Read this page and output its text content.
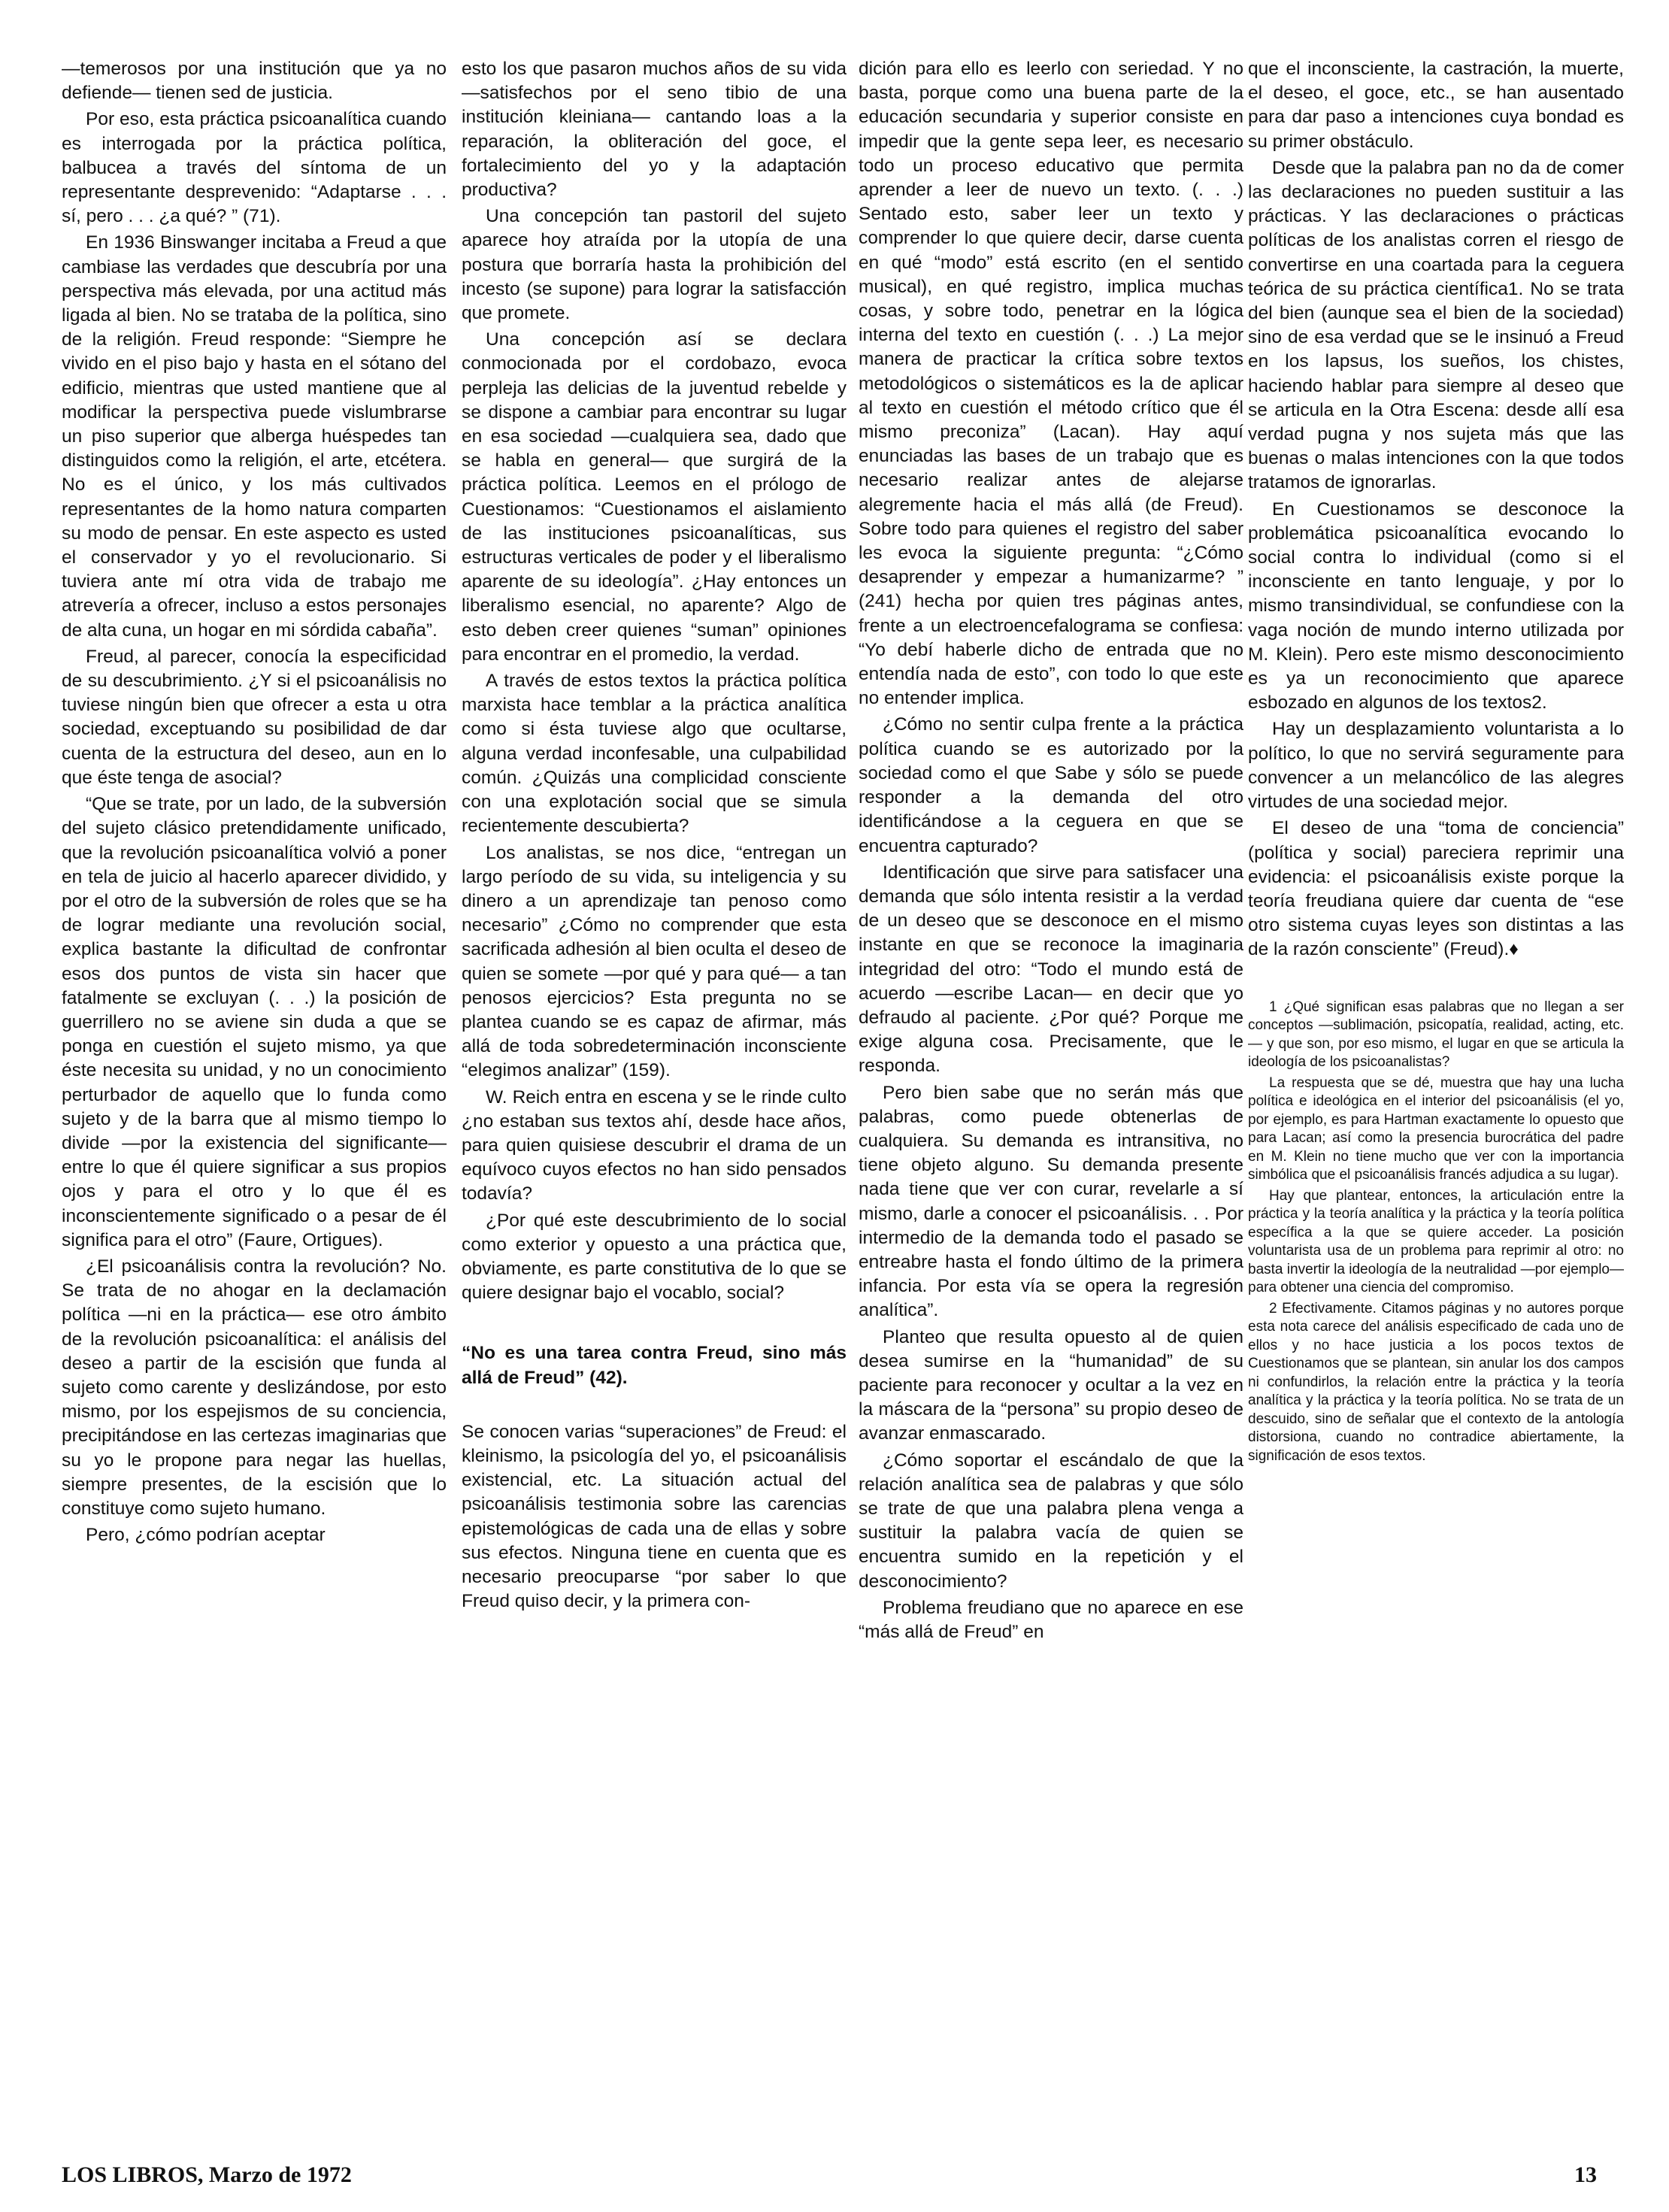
—temerosos por una institución que ya no defiende— tienen sed de justicia.

Por eso, esta práctica psicoanalítica cuando es interrogada por la práctica política, balbucea a través del síntoma de un representante desprevenido: “Adaptarse . . . sí, pero . . . ¿a qué? ” (71).

En 1936 Binswanger incitaba a Freud a que cambiase las verdades que descubría por una perspectiva más elevada, por una actitud más ligada al bien. No se trataba de la política, sino de la religión. Freud responde: “Siempre he vivido en el piso bajo y hasta en el sótano del edificio, mientras que usted mantiene que al modificar la perspectiva puede vislumbrarse un piso superior que alberga huéspedes tan distinguidos como la religión, el arte, etcétera. No es el único, y los más cultivados representantes de la homo natura comparten su modo de pensar. En este aspecto es usted el conservador y yo el revolucionario. Si tuviera ante mí otra vida de trabajo me atrevería a ofrecer, incluso a estos personajes de alta cuna, un hogar en mi sórdida cabaña”.

Freud, al parecer, conocía la especificidad de su descubrimiento. ¿Y si el psicoanálisis no tuviese ningún bien que ofrecer a esta u otra sociedad, exceptuando su posibilidad de dar cuenta de la estructura del deseo, aun en lo que éste tenga de asocial?

“Que se trate, por un lado, de la subversión del sujeto clásico pretendidamente unificado, que la revolución psicoanalítica volvió a poner en tela de juicio al hacerlo aparecer dividido, y por el otro de la subversión de roles que se ha de lograr mediante una revolución social, explica bastante la dificultad de confrontar esos dos puntos de vista sin hacer que fatalmente se excluyan (. . .) la posición de guerrillero no se aviene sin duda a que se ponga en cuestión el sujeto mismo, ya que éste necesita su unidad, y no un conocimiento perturbador de aquello que lo funda como sujeto y de la barra que al mismo tiempo lo divide —por la existencia del significante— entre lo que él quiere significar a sus propios ojos y para el otro y lo que él es inconscientemente significado o a pesar de él significa para el otro” (Faure, Ortigues).

¿El psicoanálisis contra la revolución? No. Se trata de no ahogar en la declamación política —ni en la práctica— ese otro ámbito de la revolución psicoanalítica: el análisis del deseo a partir de la escisión que funda al sujeto como carente y deslizándose, por esto mismo, por los espejismos de su conciencia, precipitándose en las certezas imaginarias que su yo le propone para negar las huellas, siempre presentes, de la escisión que lo constituye como sujeto humano.

Pero, ¿cómo podrían aceptar

esto los que pasaron muchos años de su vida —satisfechos por el seno tibio de una institución kleiniana— cantando loas a la reparación, la obliteración del goce, el fortalecimiento del yo y la adaptación productiva?

Una concepción tan pastoril del sujeto aparece hoy atraída por la utopía de una postura que borraría hasta la prohibición del incesto (se supone) para lograr la satisfacción que promete.

Una concepción así se declara conmocionada por el cordobazo, evoca perpleja las delicias de la juventud rebelde y se dispone a cambiar para encontrar su lugar en esa sociedad —cualquiera sea, dado que se habla en general— que surgirá de la práctica política. Leemos en el prólogo de Cuestionamos: “Cuestionamos el aislamiento de las instituciones psicoanalíticas, sus estructuras verticales de poder y el liberalismo aparente de su ideología”. ¿Hay entonces un liberalismo esencial, no aparente? Algo de esto deben creer quienes “suman” opiniones para encontrar en el promedio, la verdad.

A través de estos textos la práctica política marxista hace temblar a la práctica analítica como si ésta tuviese algo que ocultarse, alguna verdad inconfesable, una culpabilidad común. ¿Quizás una complicidad consciente con una explotación social que se simula recientemente descubierta?

Los analistas, se nos dice, “entregan un largo período de su vida, su inteligencia y su dinero a un aprendizaje tan penoso como necesario” ¿Cómo no comprender que esta sacrificada adhesión al bien oculta el deseo de quien se somete —por qué y para qué— a tan penosos ejercicios? Esta pregunta no se plantea cuando se es capaz de afirmar, más allá de toda sobredeterminación inconsciente “elegimos analizar” (159).

W. Reich entra en escena y se le rinde culto ¿no estaban sus textos ahí, desde hace años, para quien quisiese descubrir el drama de un equívoco cuyos efectos no han sido pensados todavía?

¿Por qué este descubrimiento de lo social como exterior y opuesto a una práctica que, obviamente, es parte constitutiva de lo que se quiere designar bajo el vocablo, social?

“No es una tarea contra Freud, sino más allá de Freud” (42).

Se conocen varias “superaciones” de Freud: el kleinismo, la psicología del yo, el psicoanálisis existencial, etc. La situación actual del psicoanálisis testimonia sobre las carencias epistemológicas de cada una de ellas y sobre sus efectos. Ninguna tiene en cuenta que es necesario preocuparse “por saber lo que Freud quiso decir, y la primera con-

dición para ello es leerlo con seriedad. Y no basta, porque como una buena parte de la educación secundaria y superior consiste en impedir que la gente sepa leer, es necesario todo un proceso educativo que permita aprender a leer de nuevo un texto. (. . .) Sentado esto, saber leer un texto y comprender lo que quiere decir, darse cuenta en qué “modo” está escrito (en el sentido musical), en qué registro, implica muchas cosas, y sobre todo, penetrar en la lógica interna del texto en cuestión (. . .) La mejor manera de practicar la crítica sobre textos metodológicos o sistemáticos es la de aplicar al texto en cuestión el método crítico que él mismo preconiza” (Lacan). Hay aquí enunciadas las bases de un trabajo que es necesario realizar antes de alejarse alegremente hacia el más allá (de Freud). Sobre todo para quienes el registro del saber les evoca la siguiente pregunta: “¿Cómo desaprender y empezar a humanizarme? ” (241) hecha por quien tres páginas antes, frente a un electroencefalograma se confiesa: “Yo debí haberle dicho de entrada que no entendía nada de esto”, con todo lo que este no entender implica.

¿Cómo no sentir culpa frente a la práctica política cuando se es autorizado por la sociedad como el que Sabe y sólo se puede responder a la demanda del otro identificándose a la ceguera en que se encuentra capturado?

Identificación que sirve para satisfacer una demanda que sólo intenta resistir a la verdad de un deseo que se desconoce en el mismo instante en que se reconoce la imaginaria integridad del otro: “Todo el mundo está de acuerdo —escribe Lacan— en decir que yo defraudo al paciente. ¿Por qué? Porque me exige alguna cosa. Precisamente, que le responda.

Pero bien sabe que no serán más que palabras, como puede obtenerlas de cualquiera. Su demanda es intransitiva, no tiene objeto alguno. Su demanda presente nada tiene que ver con curar, revelarle a sí mismo, darle a conocer el psicoanálisis. . . Por intermedio de la demanda todo el pasado se entreabre hasta el fondo último de la primera infancia. Por esta vía se opera la regresión analítica”.

Planteo que resulta opuesto al de quien desea sumirse en la “humanidad” de su paciente para reconocer y ocultar a la vez en la máscara de la “persona” su propio deseo de avanzar enmascarado.

¿Cómo soportar el escándalo de que la relación analítica sea de palabras y que sólo se trate de que una palabra plena venga a sustituir la palabra vacía de quien se encuentra sumido en la repetición y el desconocimiento?

Problema freudiano que no aparece en ese “más allá de Freud” en

que el inconsciente, la castración, la muerte, el deseo, el goce, etc., se han ausentado para dar paso a intenciones cuya bondad es su primer obstáculo.

Desde que la palabra pan no da de comer las declaraciones no pueden sustituir a las prácticas. Y las declaraciones o prácticas políticas de los analistas corren el riesgo de convertirse en una coartada para la ceguera teórica de su práctica científica1. No se trata del bien (aunque sea el bien de la sociedad) sino de esa verdad que se le insinuó a Freud en los lapsus, los sueños, los chistes, haciendo hablar para siempre al deseo que se articula en la Otra Escena: desde allí esa verdad pugna y nos sujeta más que las buenas o malas intenciones con la que todos tratamos de ignorarlas.

En Cuestionamos se desconoce la problemática psicoanalítica evocando lo social contra lo individual (como si el inconsciente en tanto lenguaje, y por lo mismo transindividual, se confundiese con la vaga noción de mundo interno utilizada por M. Klein). Pero este mismo desconocimiento es ya un reconocimiento que aparece esbozado en algunos de los textos2.

Hay un desplazamiento voluntarista a lo político, lo que no servirá seguramente para convencer a un melancólico de las alegres virtudes de una sociedad mejor.

El deseo de una “toma de conciencia” (política y social) pareciera reprimir una evidencia: el psicoanálisis existe porque la teoría freudiana quiere dar cuenta de “ese otro sistema cuyas leyes son distintas a las de la razón consciente” (Freud).♦

1 ¿Qué significan esas palabras que no llegan a ser conceptos —sublimación, psicopatía, realidad, acting, etc.— y que son, por eso mismo, el lugar en que se articula la ideología de los psicoanalistas?

La respuesta que se dé, muestra que hay una lucha política e ideológica en el interior del psicoanálisis (el yo, por ejemplo, es para Hartman exactamente lo opuesto que para Lacan; así como la presencia burocrática del padre en M. Klein no tiene mucho que ver con la importancia simbólica que el psicoanálisis francés adjudica a su lugar).

Hay que plantear, entonces, la articulación entre la práctica y la teoría analítica y la práctica y la teoría política específica a la que se quiere acceder. La posición voluntarista usa de un problema para reprimir al otro: no basta invertir la ideología de la neutralidad —por ejemplo— para obtener una ciencia del compromiso.

2 Efectivamente. Citamos páginas y no autores porque esta nota carece del análisis especificado de cada uno de ellos y no hace justicia a los pocos textos de Cuestionamos que se plantean, sin anular los dos campos ni confundirlos, la relación entre la práctica y la teoría analítica y la práctica y la teoría política. No se trata de un descuido, sino de señalar que el contexto de la antología distorsiona, cuando no contradice abiertamente, la significación de esos textos.

LOS LIBROS, Marzo de 1972	13
